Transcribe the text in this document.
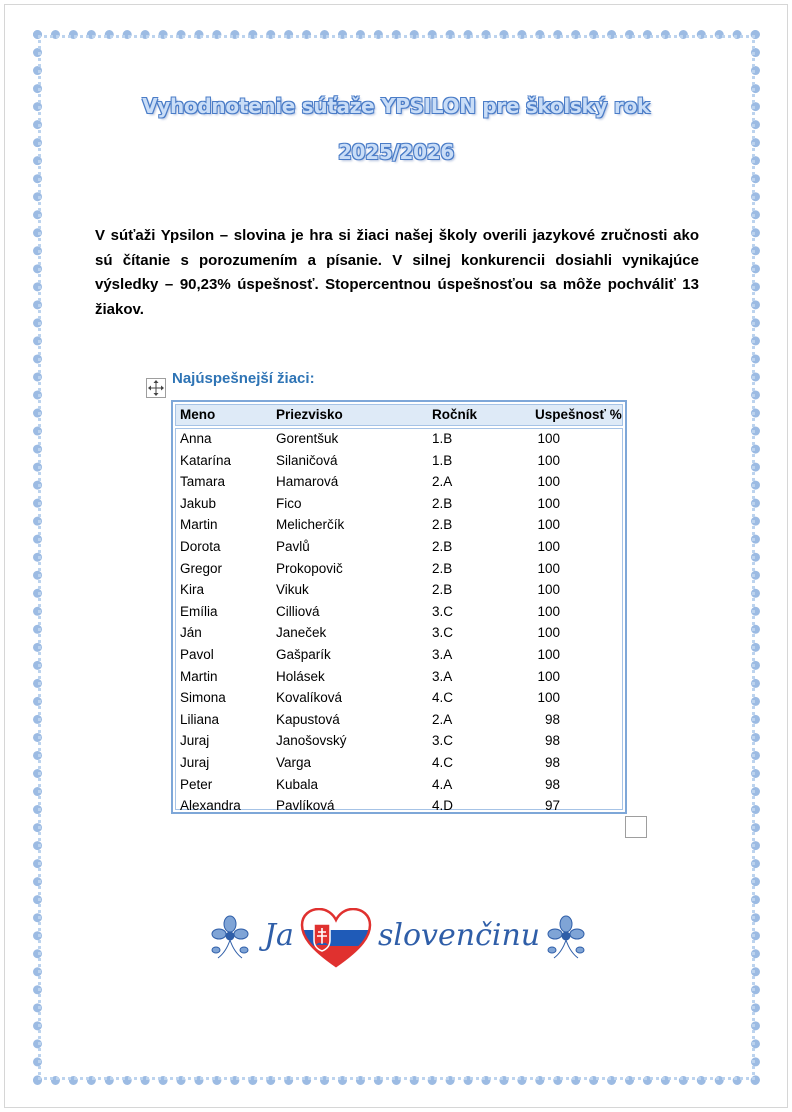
Vyhodnotenie súťaže YPSILON pre školský rok
2025/2026
V súťaži Ypsilon – slovina je hra si žiaci našej školy overili jazykové zručnosti ako sú čítanie s porozumením a písanie. V silnej konkurencii dosiahli vynikajúce výsledky – 90,23% úspešnosť. Stopercentnou úspešnosťou sa môže pochváliť 13 žiakov.
Najúspešnejší žiaci:
Meno	Priezvisko	Ročník	Uspešnosť %
Anna	Gorentšuk	1.B	100
Katarína	Silaničová	1.B	100
Tamara	Hamarová	2.A	100
Jakub	Fico	2.B	100
Martin	Melicherčík	2.B	100
Dorota	Pavlů	2.B	100
Gregor	Prokopovič	2.B	100
Kira	Vikuk	2.B	100
Emília	Cilliová	3.C	100
Ján	Janeček	3.C	100
Pavol	Gašparík	3.A	100
Martin	Holásek	3.A	100
Simona	Kovalíková	4.C	100
Liliana	Kapustová	2.A	98
Juraj	Janošovský	3.C	98
Juraj	Varga	4.C	98
Peter	Kubala	4.A	98
Alexandra	Pavlíková	4.D	97
Ja	slovenčinu
